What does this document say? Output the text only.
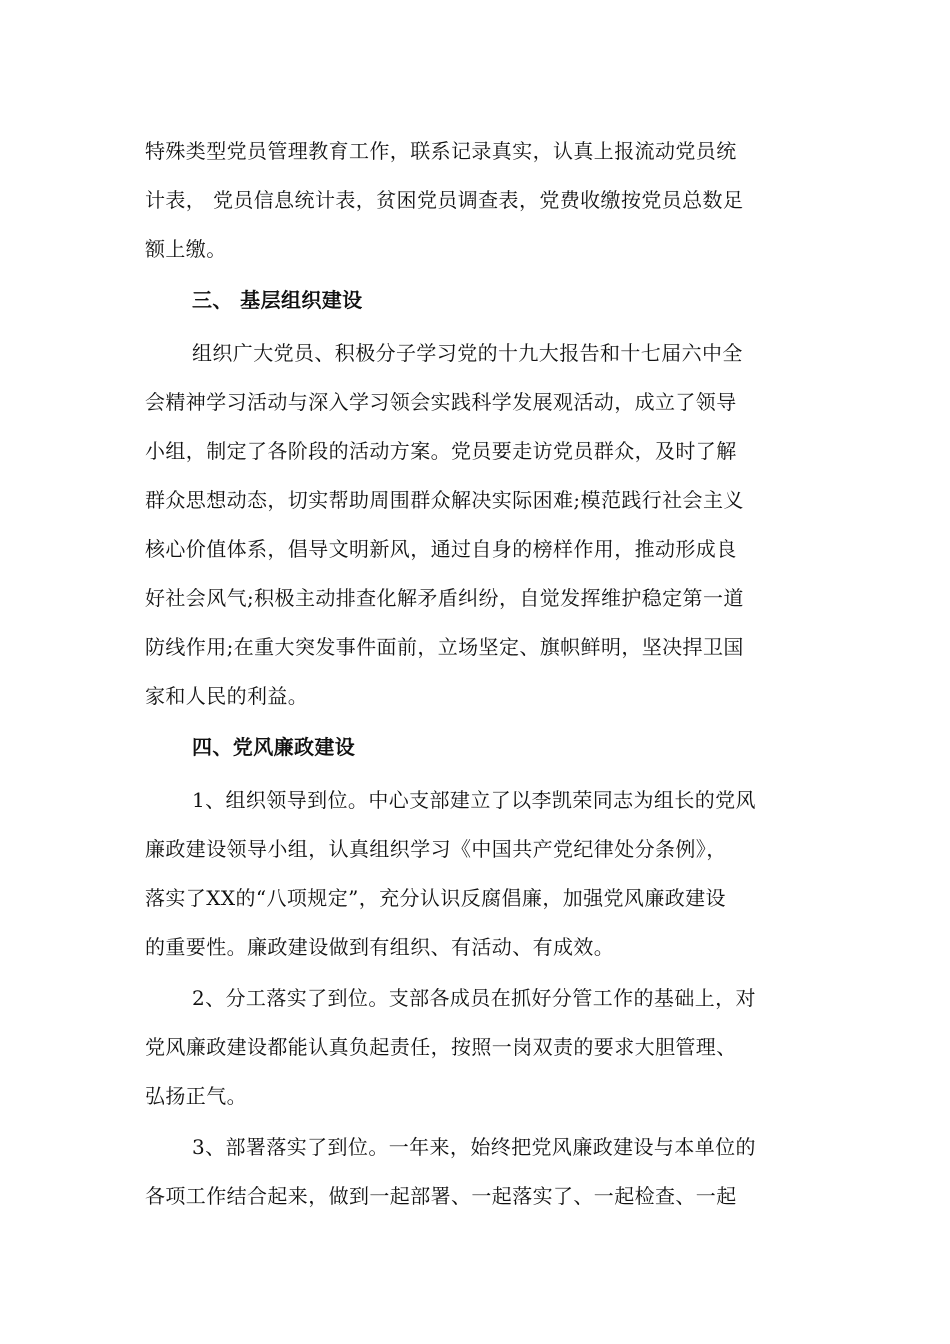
特殊类型党员管理教育工作，联系记录真实，认真上报流动党员统
计表， 党员信息统计表，贫困党员调查表，党费收缴按党员总数足
额上缴。
三、 基层组织建设
组织广大党员、积极分子学习党的十九大报告和十七届六中全
会精神学习活动与深入学习领会实践科学发展观活动，成立了领导
小组，制定了各阶段的活动方案。党员要走访党员群众，及时了解
群众思想动态，切实帮助周围群众解决实际困难;模范践行社会主义
核心价值体系，倡导文明新风，通过自身的榜样作用，推动形成良
好社会风气;积极主动排查化解矛盾纠纷，自觉发挥维护稳定第一道
防线作用;在重大突发事件面前，立场坚定、旗帜鲜明，坚决捍卫国
家和人民的利益。
四、党风廉政建设
1、组织领导到位。中心支部建立了以李凯荣同志为组长的党风
廉政建设领导小组，认真组织学习《中国共产党纪律处分条例》，
落实了XX的“八项规定”，充分认识反腐倡廉，加强党风廉政建设
的重要性。廉政建设做到有组织、有活动、有成效。
2、分工落实了到位。支部各成员在抓好分管工作的基础上，对
党风廉政建设都能认真负起责任，按照一岗双责的要求大胆管理、
弘扬正气。
3、部署落实了到位。一年来，始终把党风廉政建设与本单位的
各项工作结合起来，做到一起部署、一起落实了、一起检查、一起
